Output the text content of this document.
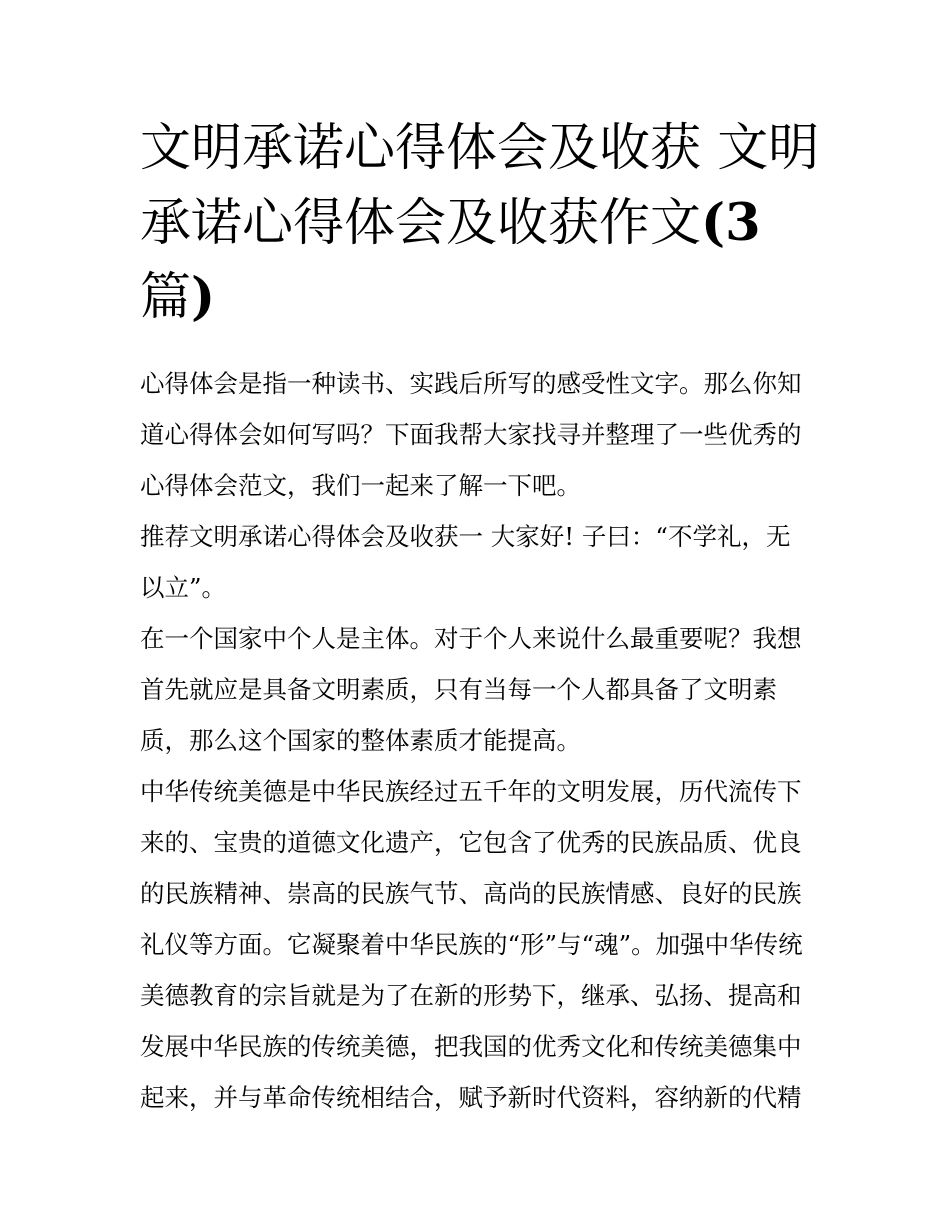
文明承诺心得体会及收获 文明
承诺心得体会及收获作文(3
篇)
心得体会是指一种读书、实践后所写的感受性文字。那么你知
道心得体会如何写吗？下面我帮大家找寻并整理了一些优秀的
心得体会范文，我们一起来了解一下吧。
推荐文明承诺心得体会及收获一 大家好! 子曰：“不学礼，无
以立”。
在一个国家中个人是主体。对于个人来说什么最重要呢？我想
首先就应是具备文明素质，只有当每一个人都具备了文明素
质，那么这个国家的整体素质才能提高。
中华传统美德是中华民族经过五千年的文明发展，历代流传下
来的、宝贵的道德文化遗产，它包含了优秀的民族品质、优良
的民族精神、崇高的民族气节、高尚的民族情感、良好的民族
礼仪等方面。它凝聚着中华民族的“形”与“魂”。加强中华传统
美德教育的宗旨就是为了在新的形势下，继承、弘扬、提高和
发展中华民族的传统美德，把我国的优秀文化和传统美德集中
起来，并与革命传统相结合，赋予新时代资料，容纳新的代精
